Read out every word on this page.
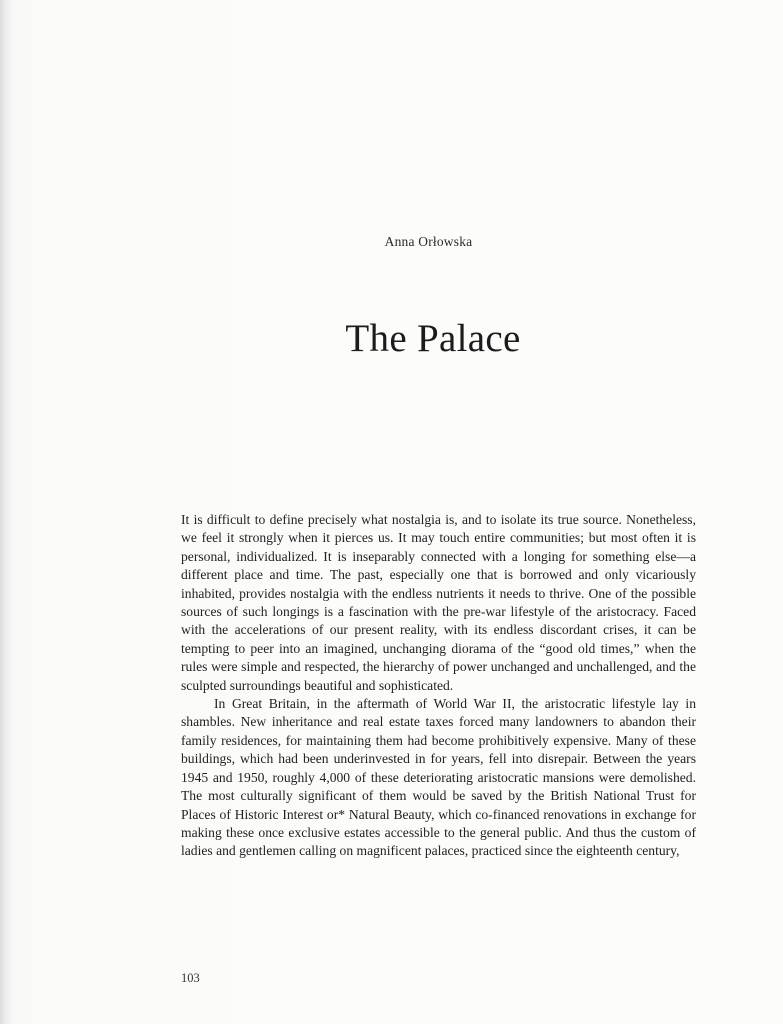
Anna Orłowska
The Palace

It is difficult to define precisely what nostalgia is, and to isolate its true source. Nonetheless, we feel it strongly when it pierces us. It may touch entire communities; but most often it is personal, individualized. It is inseparably connected with a longing for something else—a different place and time. The past, especially one that is borrowed and only vicariously inhabited, provides nostalgia with the endless nutrients it needs to thrive. One of the possible sources of such longings is a fascination with the pre-war lifestyle of the aristocracy. Faced with the accelerations of our present reality, with its endless discordant crises, it can be tempting to peer into an imagined, unchanging diorama of the “good old times,” when the rules were simple and respected, the hierarchy of power unchanged and unchallenged, and the sculpted surroundings beautiful and sophisticated.

In Great Britain, in the aftermath of World War II, the aristocratic lifestyle lay in shambles. New inheritance and real estate taxes forced many landowners to abandon their family residences, for maintaining them had become prohibitively expensive. Many of these buildings, which had been underinvested in for years, fell into disrepair. Between the years 1945 and 1950, roughly 4,000 of these deteriorating aristocratic mansions were demolished. The most culturally significant of them would be saved by the British National Trust for Places of Historic Interest or* Natural Beauty, which co-financed renovations in exchange for making these once exclusive estates accessible to the general public. And thus the custom of ladies and gentlemen calling on magnificent palaces, practiced since the eighteenth century,

103
